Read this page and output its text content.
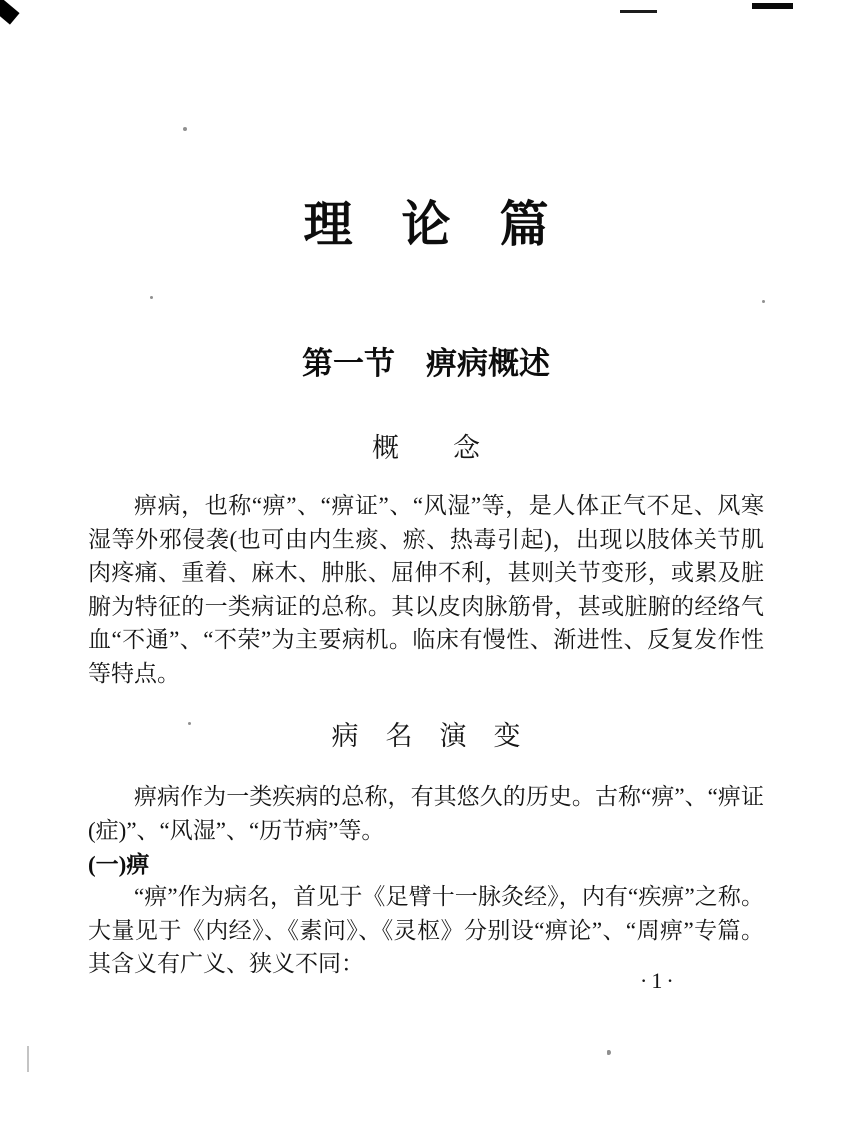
理　论　篇
第一节　痹病概述
概　　念
痹病，也称“痹”、“痹证”、“风湿”等，是人体正气不足、风寒湿等外邪侵袭(也可由内生痰、瘀、热毒引起)，出现以肢体关节肌肉疼痛、重着、麻木、肿胀、屈伸不利，甚则关节变形，或累及脏腑为特征的一类病证的总称。其以皮肉脉筋骨，甚或脏腑的经络气血“不通”、“不荣”为主要病机。临床有慢性、渐进性、反复发作性等特点。
病　名　演　变
痹病作为一类疾病的总称，有其悠久的历史。古称“痹”、“痹证(症)”、“风湿”、“历节病”等。
(一)痹
“痹”作为病名，首见于《足臂十一脉灸经》，内有“疾痹”之称。大量见于《内经》、《素问》、《灵枢》分别设“痹论”、“周痹”专篇。其含义有广义、狭义不同：
·1·
